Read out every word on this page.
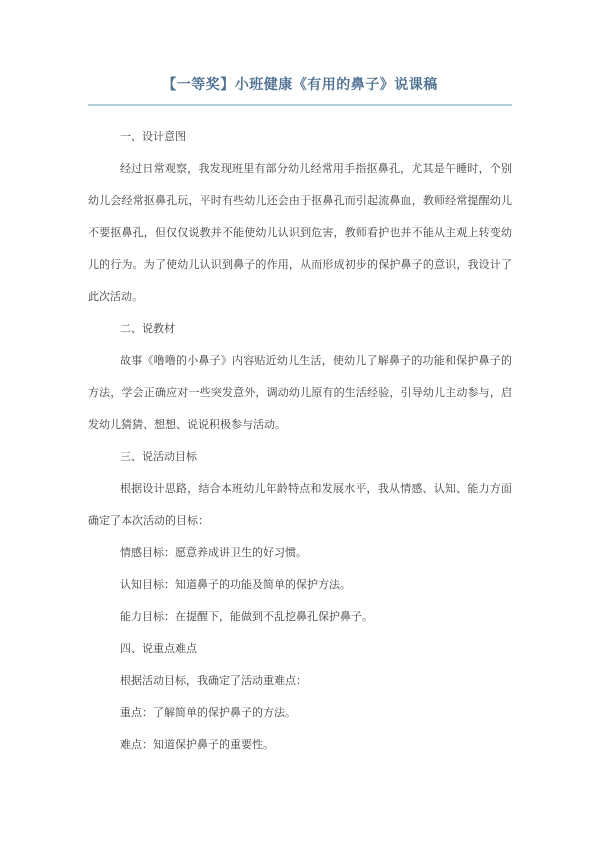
【一等奖】小班健康《有用的鼻子》说课稿

一、设计意图

经过日常观察，我发现班里有部分幼儿经常用手指抠鼻孔，尤其是午睡时，个别幼儿会经常抠鼻孔玩，平时有些幼儿还会由于抠鼻孔而引起流鼻血，教师经常提醒幼儿不要抠鼻孔，但仅仅说教并不能使幼儿认识到危害，教师看护也并不能从主观上转变幼儿的行为。为了使幼儿认识到鼻子的作用，从而形成初步的保护鼻子的意识，我设计了此次活动。

二、说教材

故事《噜噜的小鼻子》内容贴近幼儿生活，使幼儿了解鼻子的功能和保护鼻子的方法，学会正确应对一些突发意外，调动幼儿原有的生活经验，引导幼儿主动参与，启发幼儿猜猜、想想、说说积极参与活动。

三、说活动目标

根据设计思路，结合本班幼儿年龄特点和发展水平，我从情感、认知、能力方面确定了本次活动的目标：

情感目标：愿意养成讲卫生的好习惯。

认知目标：知道鼻子的功能及简单的保护方法。

能力目标：在提醒下，能做到不乱挖鼻孔保护鼻子。

四、说重点难点

根据活动目标，我确定了活动重难点：

重点：了解简单的保护鼻子的方法。

难点：知道保护鼻子的重要性。
